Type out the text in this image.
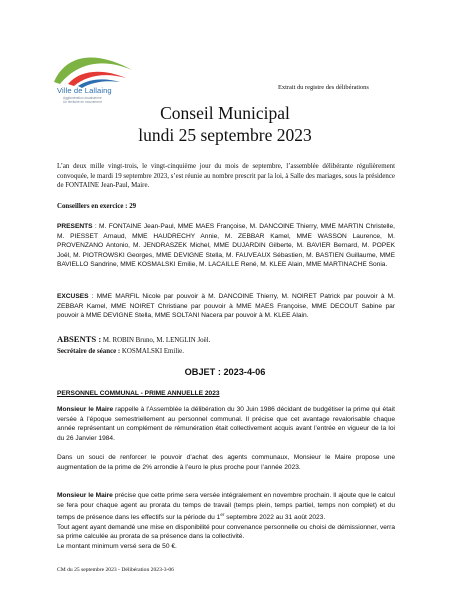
Ville de Lallaing
Agglomération douaisienne
Un territoire en mouvement
Extrait du registre des délibérations
Conseil Municipal
lundi 25 septembre 2023

L’an deux mille vingt-trois, le vingt-cinquième jour du mois de septembre, l’assemblée délibérante régulièrement convoquée, le mardi 19 septembre 2023, s’est réunie au nombre prescrit par la loi, à Salle des mariages, sous la présidence de FONTAINE Jean-Paul, Maire.

Conseillers en exercice : 29

PRESENTS : M. FONTAINE Jean-Paul, MME MAES Françoise, M. DANCOINE Thierry, MME MARTIN Christelle, M. PIESSET Arnaud, MME HAUDRECHY Annie, M. ZEBBAR Kamel, MME WASSON Laurence, M. PROVENZANO Antonio, M. JENDRASZEK Michel, MME DUJARDIN Gilberte, M. BAVIER Bernard, M. POPEK Joël, M. PIOTROWSKI Georges, MME DEVIGNE Stella, M. FAUVEAUX Sébastien, M. BASTIEN Guillaume, MME BAVIELLO Sandrine, MME KOSMALSKI Emilie, M. LACAILLE René, M. KLEE Alain, MME MARTINACHE Sonia.

EXCUSES : MME MARFIL Nicole par pouvoir à M. DANCOINE Thierry, M. NOIRET Patrick par pouvoir à M. ZEBBAR Kamel, MME NOIRET Christiane par pouvoir à MME MAES Françoise, MME DECOUT Sabine par pouvoir à MME DEVIGNE Stella, MME SOLTANI Nacera par pouvoir à M. KLEE Alain.

ABSENTS : M. ROBIN Bruno, M. LENGLIN Joël.

Secrétaire de séance : KOSMALSKI Emilie.

OBJET : 2023-4-06

PERSONNEL COMMUNAL - PRIME ANNUELLE 2023

Monsieur le Maire rappelle à l’Assemblée la délibération du 30 Juin 1986 décidant de budgétiser la prime qui était versée à l’époque semestriellement au personnel communal. Il précise que cet avantage revalorisable chaque année représentant un complément de rémunération était collectivement acquis avant l’entrée en vigueur de la loi du 26 Janvier 1984.

Dans un souci de renforcer le pouvoir d’achat des agents communaux, Monsieur le Maire propose une augmentation de la prime de 2% arrondie à l’euro le plus proche pour l’année 2023.

Monsieur le Maire précise que cette prime sera versée intégralement en novembre prochain. Il ajoute que le calcul se fera pour chaque agent au prorata du temps de travail (temps plein, temps partiel, temps non complet) et du temps de présence dans les effectifs sur la période du 1er septembre 2022 au 31 août 2023.
Tout agent ayant demandé une mise en disponibilité pour convenance personnelle ou choisi de démissionner, verra sa prime calculée au prorata de sa présence dans la collectivité.
Le montant minimum versé sera de 50 €.

CM du 25 septembre 2023 - Délibération 2023-3-06
